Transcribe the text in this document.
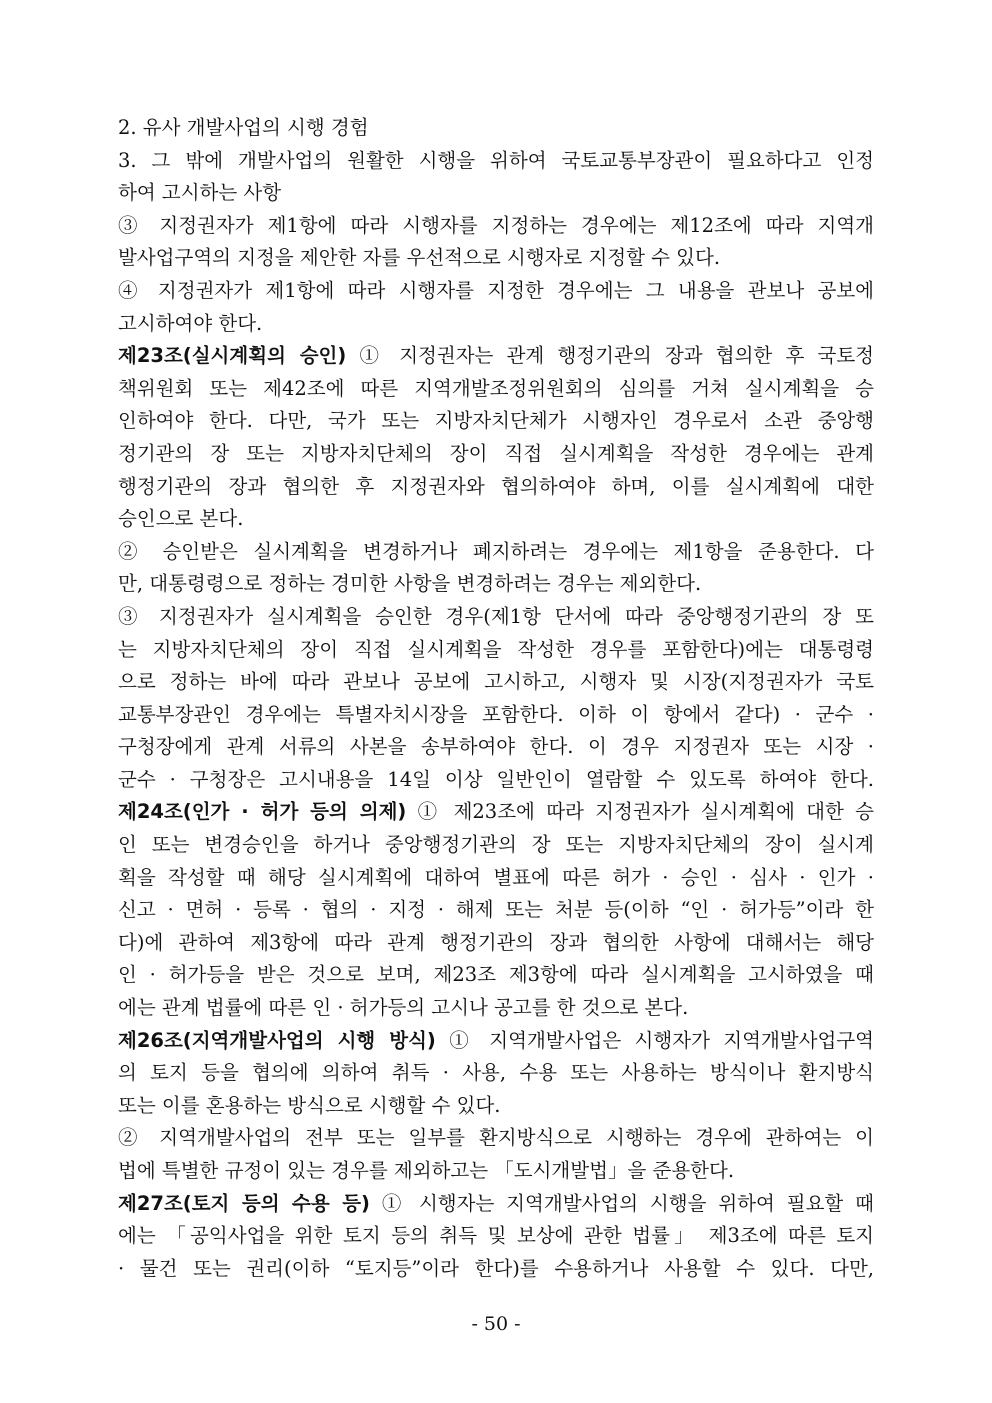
2. 유사 개발사업의 시행 경험
3. 그 밖에 개발사업의 원활한 시행을 위하여 국토교통부장관이 필요하다고 인정
하여 고시하는 사항
③ 지정권자가 제1항에 따라 시행자를 지정하는 경우에는 제12조에 따라 지역개
발사업구역의 지정을 제안한 자를 우선적으로 시행자로 지정할 수 있다.
④ 지정권자가 제1항에 따라 시행자를 지정한 경우에는 그 내용을 관보나 공보에
고시하여야 한다.
제23조(실시계획의 승인) ① 지정권자는 관계 행정기관의 장과 협의한 후 국토정
책위원회 또는 제42조에 따른 지역개발조정위원회의 심의를 거쳐 실시계획을 승
인하여야 한다. 다만, 국가 또는 지방자치단체가 시행자인 경우로서 소관 중앙행
정기관의 장 또는 지방자치단체의 장이 직접 실시계획을 작성한 경우에는 관계
행정기관의 장과 협의한 후 지정권자와 협의하여야 하며, 이를 실시계획에 대한
승인으로 본다.
② 승인받은 실시계획을 변경하거나 폐지하려는 경우에는 제1항을 준용한다. 다
만, 대통령령으로 정하는 경미한 사항을 변경하려는 경우는 제외한다.
③ 지정권자가 실시계획을 승인한 경우(제1항 단서에 따라 중앙행정기관의 장 또
는 지방자치단체의 장이 직접 실시계획을 작성한 경우를 포함한다)에는 대통령령
으로 정하는 바에 따라 관보나 공보에 고시하고, 시행자 및 시장(지정권자가 국토
교통부장관인 경우에는 특별자치시장을 포함한다. 이하 이 항에서 같다) · 군수 ·
구청장에게 관계 서류의 사본을 송부하여야 한다. 이 경우 지정권자 또는 시장 ·
군수 · 구청장은 고시내용을 14일 이상 일반인이 열람할 수 있도록 하여야 한다.
제24조(인가 · 허가 등의 의제) ① 제23조에 따라 지정권자가 실시계획에 대한 승
인 또는 변경승인을 하거나 중앙행정기관의 장 또는 지방자치단체의 장이 실시계
획을 작성할 때 해당 실시계획에 대하여 별표에 따른 허가 · 승인 · 심사 · 인가 ·
신고 · 면허 · 등록 · 협의 · 지정 · 해제 또는 처분 등(이하 “인 · 허가등”이라 한
다)에 관하여 제3항에 따라 관계 행정기관의 장과 협의한 사항에 대해서는 해당
인 · 허가등을 받은 것으로 보며, 제23조 제3항에 따라 실시계획을 고시하였을 때
에는 관계 법률에 따른 인 · 허가등의 고시나 공고를 한 것으로 본다.
제26조(지역개발사업의 시행 방식) ① 지역개발사업은 시행자가 지역개발사업구역
의 토지 등을 협의에 의하여 취득 · 사용, 수용 또는 사용하는 방식이나 환지방식
또는 이를 혼용하는 방식으로 시행할 수 있다.
② 지역개발사업의 전부 또는 일부를 환지방식으로 시행하는 경우에 관하여는 이
법에 특별한 규정이 있는 경우를 제외하고는 「도시개발법」을 준용한다.
제27조(토지 등의 수용 등) ① 시행자는 지역개발사업의 시행을 위하여 필요할 때
에는 「공익사업을 위한 토지 등의 취득 및 보상에 관한 법률」 제3조에 따른 토지
· 물건 또는 권리(이하 “토지등”이라 한다)를 수용하거나 사용할 수 있다. 다만,
- 50 -
